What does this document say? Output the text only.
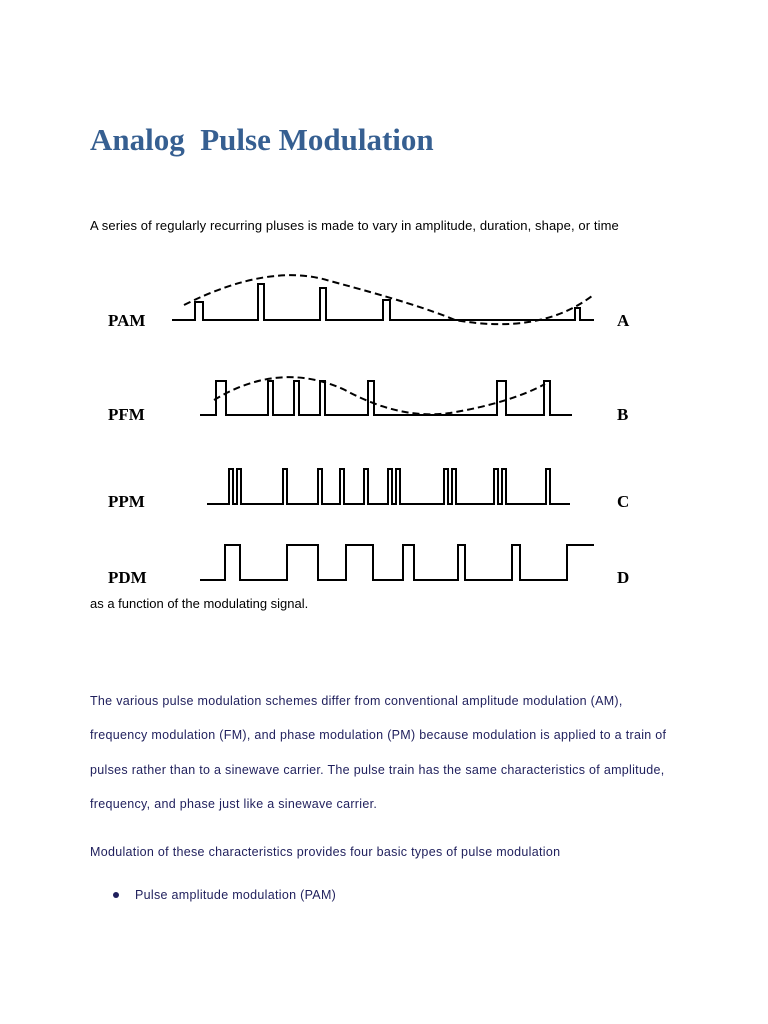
Analog  Pulse Modulation

A series of regularly recurring pluses is made to vary in amplitude, duration, shape, or time

PAM	A
PFM	B
PPM	C
PDM	D

as a function of the modulating signal.

The various pulse modulation schemes differ from conventional amplitude modulation (AM),

frequency modulation (FM), and phase modulation (PM) because modulation is applied to a train of

pulses rather than to a sinewave carrier. The pulse train has the same characteristics of amplitude,

frequency, and phase just like a sinewave carrier.

Modulation of these characteristics provides four basic types of pulse modulation

Pulse amplitude modulation (PAM)
